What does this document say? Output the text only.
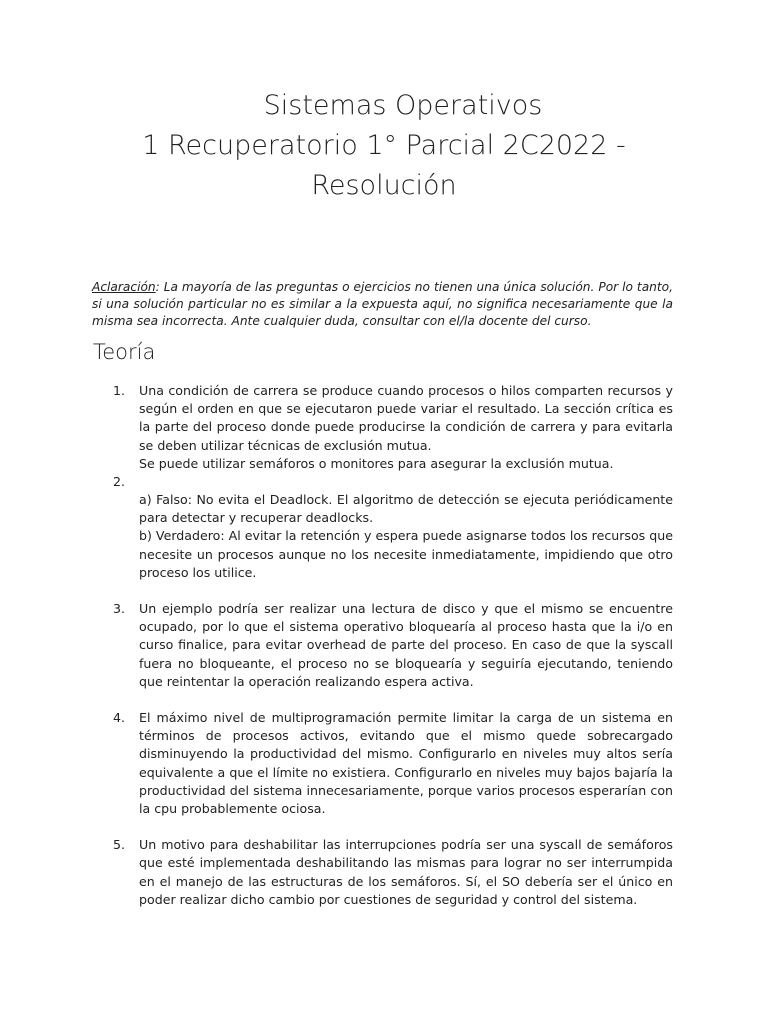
Sistemas Operativos
1 Recuperatorio 1° Parcial 2C2022 -
Resolución

Aclaración: La mayoría de las preguntas o ejercicios no tienen una única solución. Por lo tanto, si una solución particular no es similar a la expuesta aquí, no significa necesariamente que la misma sea incorrecta. Ante cualquier duda, consultar con el/la docente del curso.

Teoría
1. Una condición de carrera se produce cuando procesos o hilos comparten recursos y según el orden en que se ejecutaron puede variar el resultado. La sección crítica es la parte del proceso donde puede producirse la condición de carrera y para evitarla se deben utilizar técnicas de exclusión mutua.
Se puede utilizar semáforos o monitores para asegurar la exclusión mutua.
2.
a) Falso: No evita el Deadlock. El algoritmo de detección se ejecuta periódicamente para detectar y recuperar deadlocks.
b) Verdadero: Al evitar la retención y espera puede asignarse todos los recursos que necesite un procesos aunque no los necesite inmediatamente, impidiendo que otro proceso los utilice.
3. Un ejemplo podría ser realizar una lectura de disco y que el mismo se encuentre ocupado, por lo que el sistema operativo bloquearía al proceso hasta que la i/o en curso finalice, para evitar overhead de parte del proceso. En caso de que la syscall fuera no bloqueante, el proceso no se bloquearía y seguiría ejecutando, teniendo que reintentar la operación realizando espera activa.
4. El máximo nivel de multiprogramación permite limitar la carga de un sistema en términos de procesos activos, evitando que el mismo quede sobrecargado disminuyendo la productividad del mismo. Configurarlo en niveles muy altos sería equivalente a que el límite no existiera. Configurarlo en niveles muy bajos bajaría la productividad del sistema innecesariamente, porque varios procesos esperarían con la cpu probablemente ociosa.
5. Un motivo para deshabilitar las interrupciones podría ser una syscall de semáforos que esté implementada deshabilitando las mismas para lograr no ser interrumpida en el manejo de las estructuras de los semáforos. Sí, el SO debería ser el único en poder realizar dicho cambio por cuestiones de seguridad y control del sistema.
